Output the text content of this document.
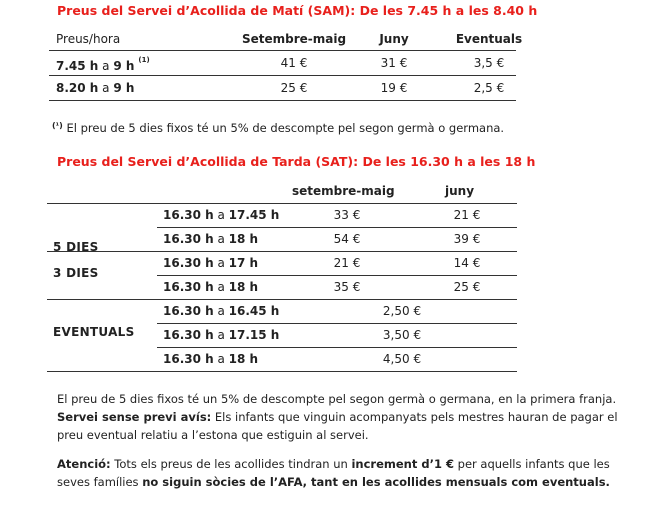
Preus del Servei d’Acollida de Matí (SAM): De les 7.45 h a les 8.40 h
Preus/hora	Setembre-maig	Juny	Eventuals
7.45 h a 9 h $^{(1)}$	41 €	31 €	3,5 €
8.20 h a 9 h	25 €	19 €	2,5 €
$^{(^1)}$ El preu de 5 dies fixos té un 5% de descompte pel segon germà o germana.
Preus del Servei d’Acollida de Tarda (SAT): De les 16.30 h a les 18 h
setembre-maig	juny
5 DIES
16.30 h a 17.45 h	33 €	21 €
16.30 h a 18 h	54 €	39 €
3 DIES
16.30 h a 17 h	21 €	14 €
16.30 h a 18 h	35 €	25 €
EVENTUALS
16.30 h a 16.45 h	2,50 €
16.30 h a 17.15 h	3,50 €
16.30 h a 18 h	4,50 €
El preu de 5 dies fixos té un 5% de descompte pel segon germà o germana, en la primera franja.
Servei sense previ avís: Els infants que vinguin acompanyats pels mestres hauran de pagar el preu eventual relatiu a l’estona que estiguin al servei.
Atenció: Tots els preus de les acollides tindran un increment d’1 € per aquells infants que les seves famílies no siguin sòcies de l’AFA, tant en les acollides mensuals com eventuals.
